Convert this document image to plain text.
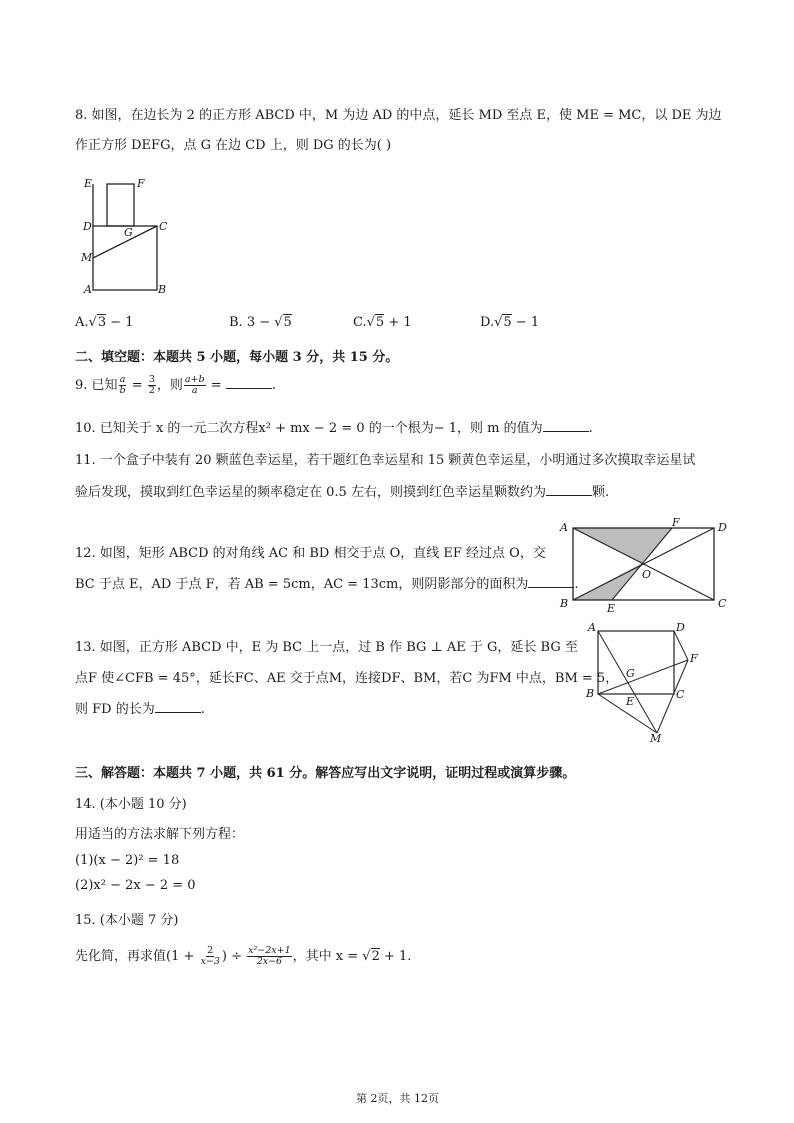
8. 如图，在边长为 2 的正方形 ABCD 中，M 为边 AD 的中点，延长 MD 至点 E，使 ME = MC，以 DE 为边
作正方形 DEFG，点 G 在边 CD 上，则 DG 的长为( )
E	F
D	G C
M
A	B
A.√3 − 1	B. 3 − √5	C.√5 + 1	D.√5 − 1
二、填空题：本题共 5 小题，每小题 3 分，共 15 分。
9. 已知 $\frac{a}{b} = \frac{3}{2}$ ，则 $\frac{a+b}{a}$ =	.
10. 已知关于 x 的一元二次方程x² + mx − 2 = 0 的一个根为− 1，则 m 的值为	.
11. 一个盒子中装有 20 颗蓝色幸运星，若干题红色幸运星和 15 颗黄色幸运星，小明通过多次摸取幸运星试
验后发现，摸取到红色幸运星的频率稳定在 0.5 左右，则摸到红色幸运星颗数约为	颗.
12. 如图，矩形 ABCD 的对角线 AC 和 BD 相交于点 O，直线 EF 经过点 O，交
BC 于点 E，AD 于点 F，若 AB = 5cm，AC = 13cm，则阴影部分的面积为	.
A	F	D
O
B	E	C
13. 如图，正方形 ABCD 中，E 为 BC 上一点，过 B 作 BG ⊥ AE 于 G，延长 BG 至
点F 使∠CFB = 45°，延长FC、AE 交于点M，连接DF、BM，若C 为FM 中点，BM = 5，
则 FD 的长为	.
A	D
F
G
B	C
E
M
三、解答题：本题共 7 小题，共 61 分。解答应写出文字说明，证明过程或演算步骤。
14. (本小题 10 分)
用适当的方法求解下列方程：
(1)(x − 2)² = 18
(2)x² − 2x − 2 = 0
15. (本小题 7 分)
先化简，再求值($1 + \frac{2}{x-3}$ ) ÷ $\frac{\text{x²−2x+1}}{2x-6}$ ，其中 x = √2 + 1.
第 2页，共 12页
